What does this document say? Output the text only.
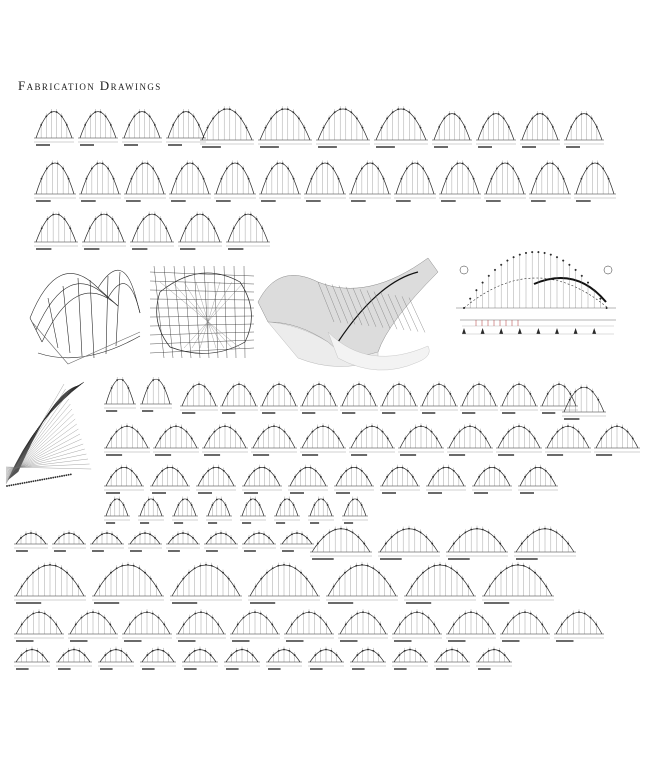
Fabrication Drawings
